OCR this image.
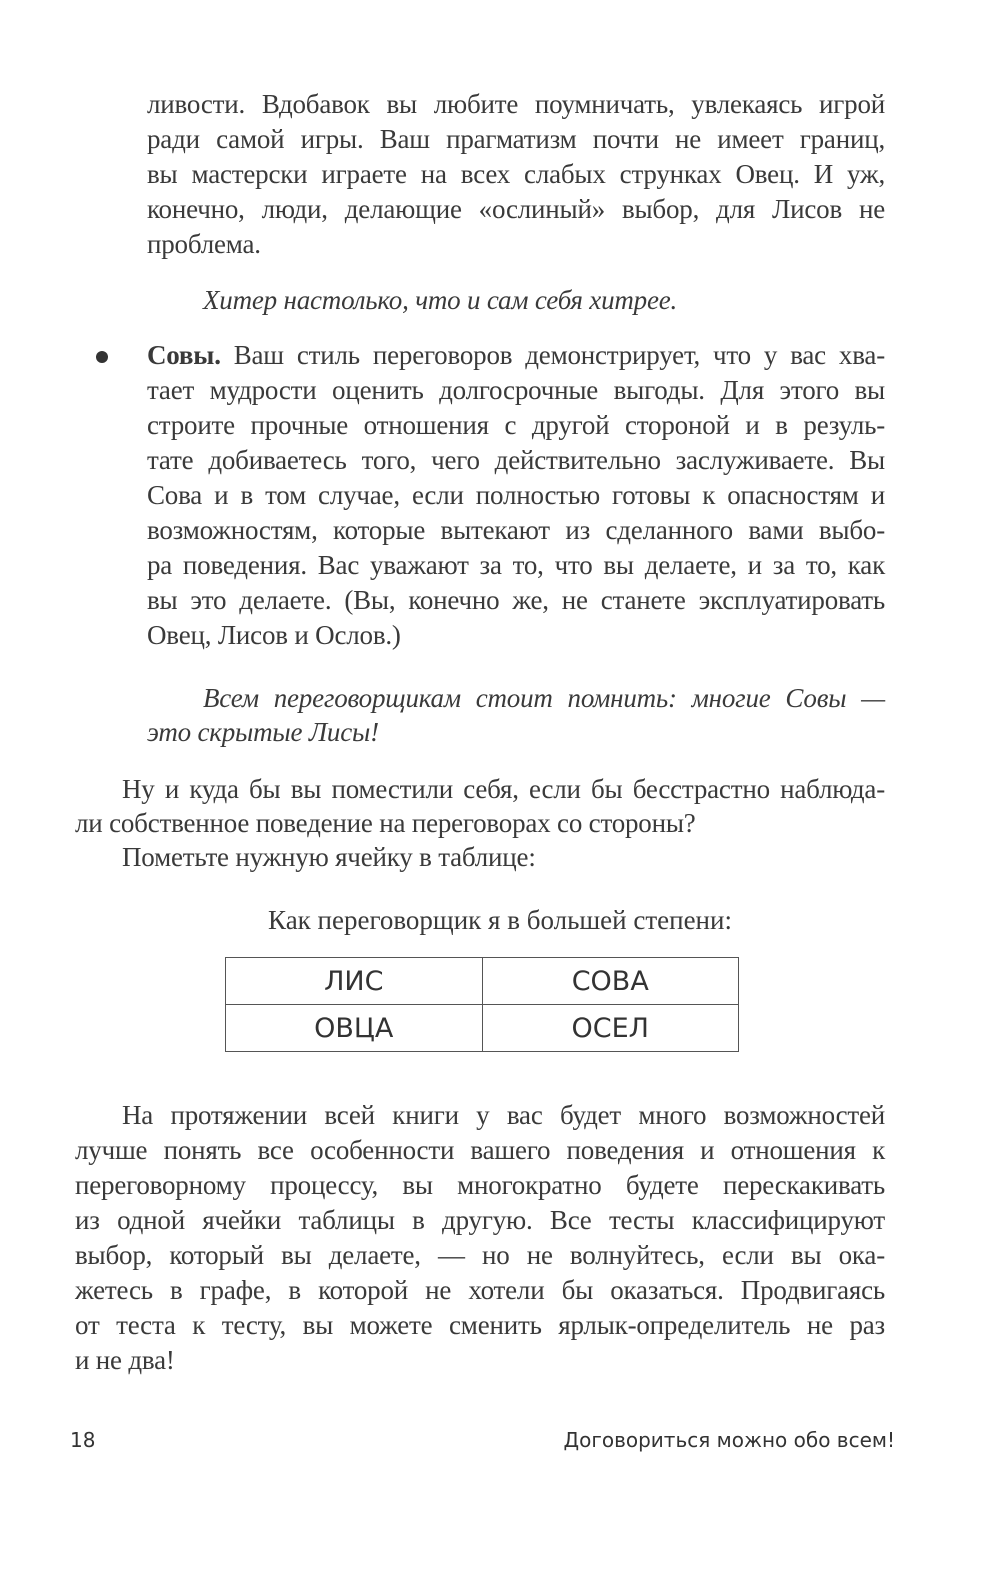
ливости. Вдобавок вы любите поумничать, увлекаясь игрой
ради самой игры. Ваш прагматизм почти не имеет границ,
вы мастерски играете на всех слабых струнках Овец. И уж,
конечно, люди, делающие «ослиный» выбор, для Лисов не
проблема.
Хитер настолько, что и сам себя хитрее.
Совы. Ваш стиль переговоров демонстрирует, что у вас хва-
тает мудрости оценить долгосрочные выгоды. Для этого вы
строите прочные отношения с другой стороной и в резуль-
тате добиваетесь того, чего действительно заслуживаете. Вы
Сова и в том случае, если полностью готовы к опасностям и
возможностям, которые вытекают из сделанного вами выбо-
ра поведения. Вас уважают за то, что вы делаете, и за то, как
вы это делаете. (Вы, конечно же, не станете эксплуатировать
Овец, Лисов и Ослов.)
Всем переговорщикам стоит помнить: многие Совы —
это скрытые Лисы!
Ну и куда бы вы поместили себя, если бы бесстрастно наблюда-
ли собственное поведение на переговорах со стороны?
Пометьте нужную ячейку в таблице:
Как переговорщик я в большей степени:
ЛИС	СОВА
ОВЦА	ОСЕЛ
На протяжении всей книги у вас будет много возможностей
лучше понять все особенности вашего поведения и отношения к
переговорному процессу, вы многократно будете перескакивать
из одной ячейки таблицы в другую. Все тесты классифицируют
выбор, который вы делаете, — но не волнуйтесь, если вы ока-
жетесь в графе, в которой не хотели бы оказаться. Продвигаясь
от теста к тесту, вы можете сменить ярлык-определитель не раз
и не два!
18	Договориться можно обо всем!
